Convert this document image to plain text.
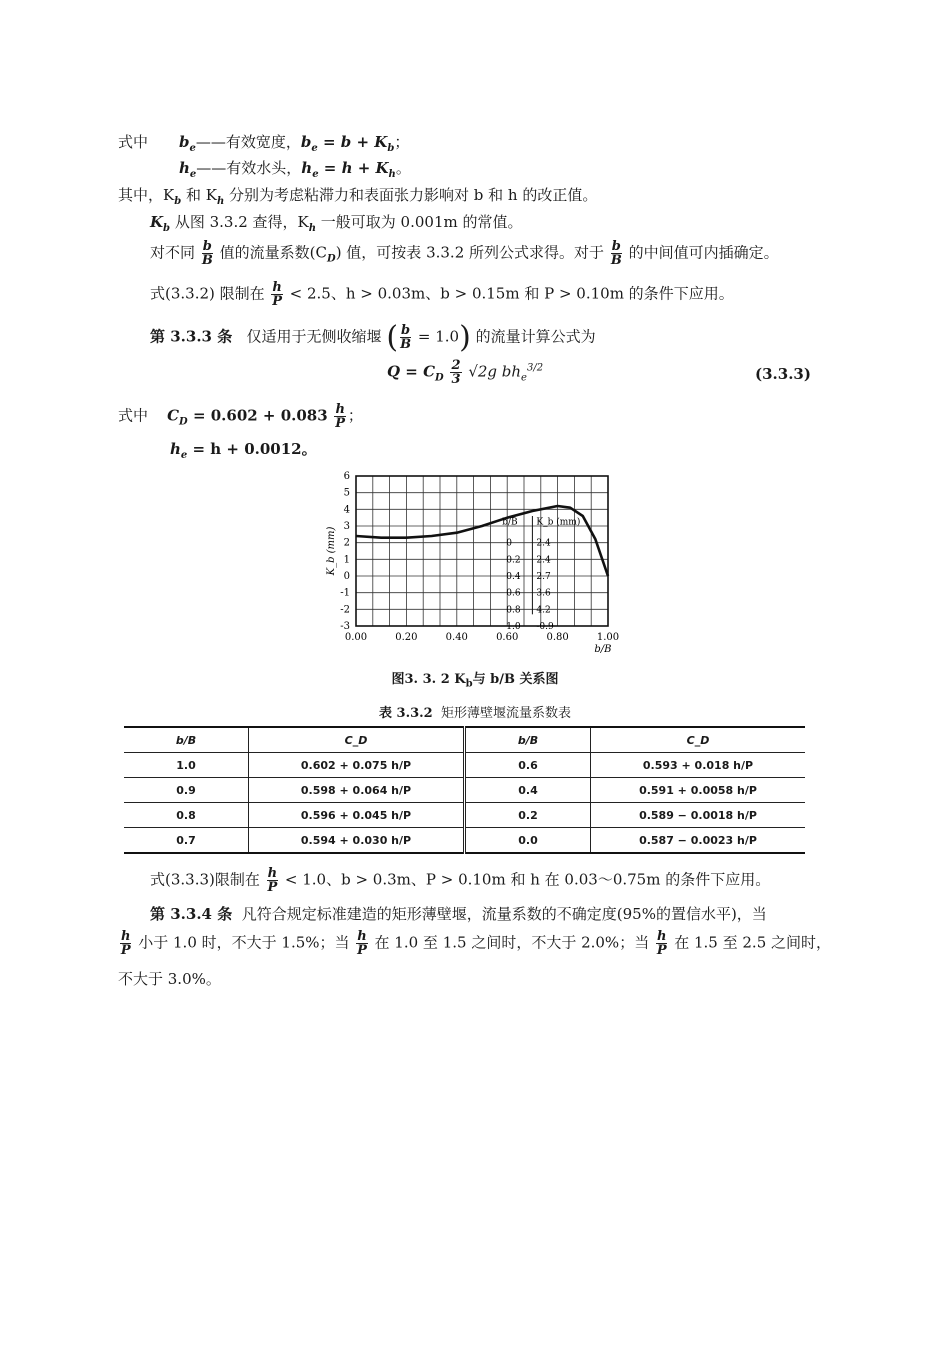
式中 $b_e——$有效宽度，$b_e = b + K_b$；
$h_e——$有效水头，$h_e = h + K_h$。
其中，$K_b$ 和 $K_h$ 分别为考虑粘滞力和表面张力影响对 b 和 h 的改正值。
$K_b$ 从图 3.3.2 查得，$K_h$ 一般可取为 0.001m 的常值。
对不同 $\frac{b}{B}$ 值的流量系数$(C_D)$ 值，可按表 3.3.2 所列公式求得。对于 $\frac{b}{B}$ 的中间值可内插确定。
式(3.3.2) 限制在 $\frac{h}{P} < 2.5$、h > 0.03m、b > 0.15m 和 P > 0.10m 的条件下应用。
第 3.3.3 条 仅适用于无侧收缩堰 ( $\frac{b}{B} = 1.0$) 的流量计算公式为
$Q = C_D \frac{2}{3} √2g$ $bh_e^{3/2}$	(3.3.3)
式中 $C_D = 0.602 + 0.083 \frac{h}{P}$ ；
$h_e = h + 0.0012$。
-3
-2
-1
0
1
2
3
4
5
6
0.00	0.20	0.40	0.60	0.80	1.00
b/B
K_b (mm)
b/B K_b (mm)
0	2.4
0.2 2.4
0.4 2.7
0.6 3.6
0.8 4.2
1.0 -0.9
图3. 3. 2 $K_b$与 b/B 关系图
表 3.3.2 矩形薄壁堰流量系数表
b/B	C_D	b/B	C_D
1.0	0.602 + 0.075 h/P	0.6	0.593 + 0.018 h/P
0.9	0.598 + 0.064 h/P	0.4	0.591 + 0.0058 h/P
0.8	0.596 + 0.045 h/P	0.2	0.589 − 0.0018 h/P
0.7	0.594 + 0.030 h/P	0.0	0.587 − 0.0023 h/P
式(3.3.3)限制在 $\frac{h}{P} < 1.0$、b > 0.3m、P > 0.10m 和 h 在 0.03～0.75m 的条件下应用。
第 3.3.4 条 凡符合规定标准建造的矩形薄壁堰，流量系数的不确定度(95%的置信水平)，当
$\frac{h}{P}$ 小于 1.0 时，不大于 1.5%；当 $\frac{h}{P}$ 在 1.0 至 1.5 之间时，不大于 2.0%；当 $\frac{h}{P}$ 在 1.5 至 2.5 之间时，
不大于 3.0%。
